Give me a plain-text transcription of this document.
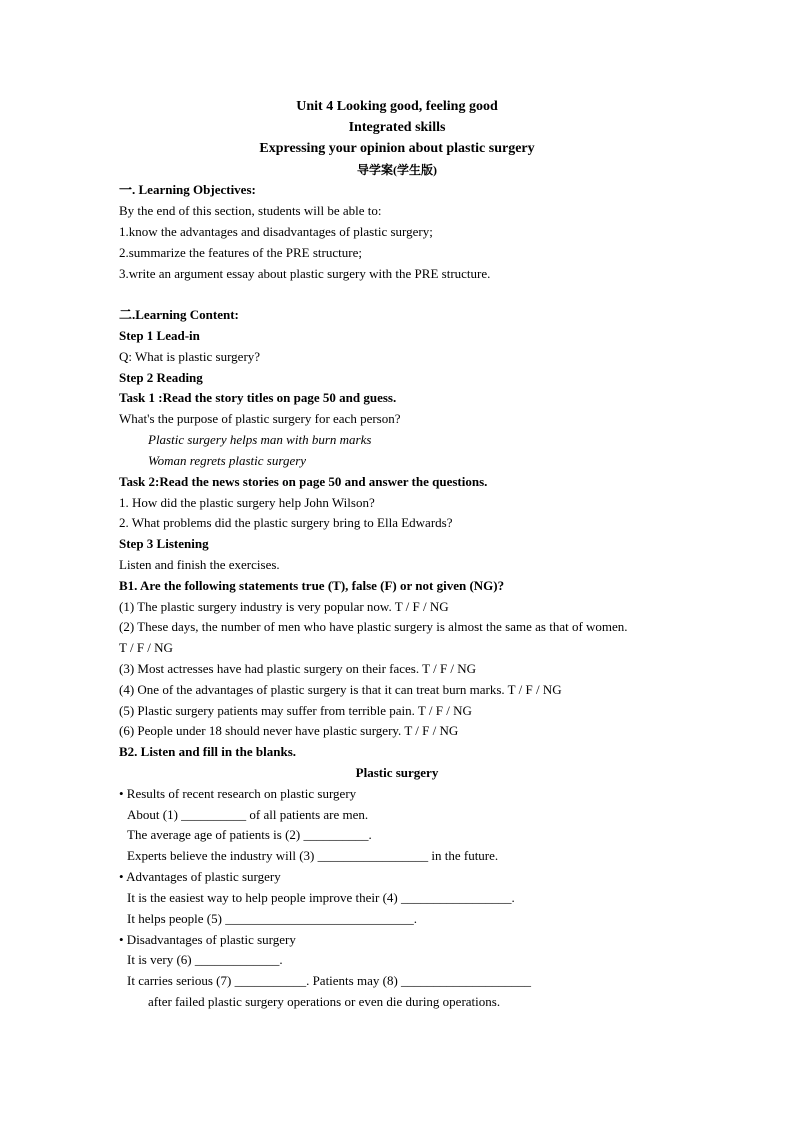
Unit 4 Looking good, feeling good
Integrated skills
Expressing your opinion about plastic surgery
导学案(学生版)
一. Learning Objectives:
By the end of this section, students will be able to:
1.know the advantages and disadvantages of plastic surgery;
2.summarize the features of the PRE structure;
3.write an argument essay about plastic surgery with the PRE structure.
二.Learning Content:
Step 1 Lead-in
Q: What is plastic surgery?
Step 2 Reading
Task 1 :Read the story titles on page 50 and guess.
What's the purpose of plastic surgery for each person?
Plastic surgery helps man with burn marks
Woman regrets plastic surgery
Task 2:Read the news stories on page 50 and answer the questions.
1. How did the plastic surgery help John Wilson?
2. What problems did the plastic surgery bring to Ella Edwards?
Step 3 Listening
Listen and finish the exercises.
B1. Are the following statements true (T), false (F) or not given (NG)?
(1) The plastic surgery industry is very popular now. T / F / NG
(2) These days, the number of men who have plastic surgery is almost the same as that of women.
T / F / NG
(3) Most actresses have had plastic surgery on their faces. T / F / NG
(4) One of the advantages of plastic surgery is that it can treat burn marks. T / F / NG
(5) Plastic surgery patients may suffer from terrible pain. T / F / NG
(6) People under 18 should never have plastic surgery. T / F / NG
B2. Listen and fill in the blanks.
Plastic surgery
• Results of recent research on plastic surgery
About (1) __________ of all patients are men.
The average age of patients is (2) __________.
Experts believe the industry will (3) _________________ in the future.
• Advantages of plastic surgery
It is the easiest way to help people improve their (4) _________________.
It helps people (5) _____________________________.
• Disadvantages of plastic surgery
It is very (6) _____________.
It carries serious (7) ___________. Patients may (8) ____________________
after failed plastic surgery operations or even die during operations.
